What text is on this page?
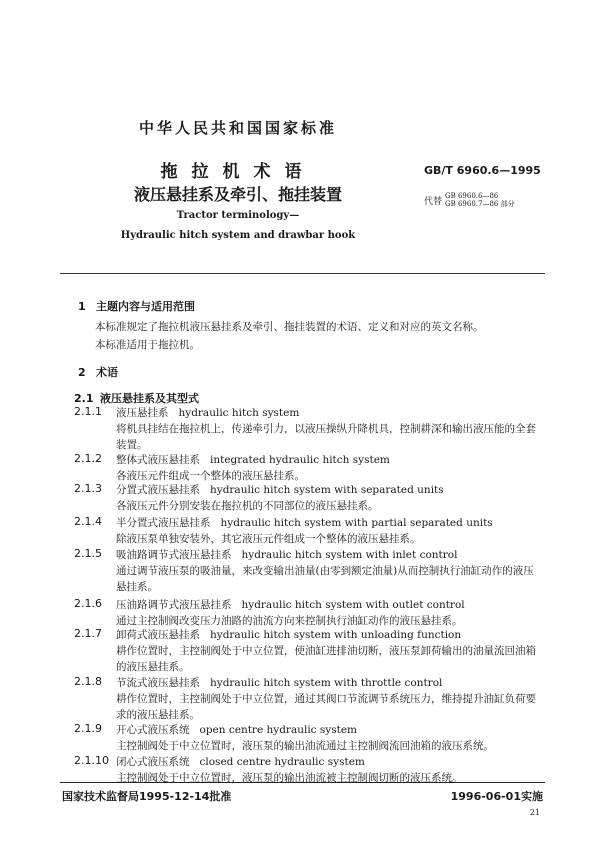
中华人民共和国国家标准
拖拉机术语
液压悬挂系及牵引、拖挂装置
Tractor terminology—
Hydraulic hitch system and drawbar hook
GB/T 6960.6—1995
代替
GB 6960.6—86
GB 6960.7—86 部分
1 主题内容与适用范围
本标准规定了拖拉机液压悬挂系及牵引、拖挂装置的术语、定义和对应的英文名称。
本标准适用于拖拉机。
2 术语
2.1 液压悬挂系及其型式
2.1.1 液压悬挂系 hydraulic hitch system
将机具挂结在拖拉机上，传递牵引力，以液压操纵升降机具，控制耕深和输出液压能的全套装置。
2.1.2 整体式液压悬挂系 integrated hydraulic hitch system
各液压元件组成一个整体的液压悬挂系。
2.1.3 分置式液压悬挂系 hydraulic hitch system with separated units
各液压元件分别安装在拖拉机的不同部位的液压悬挂系。
2.1.4 半分置式液压悬挂系 hydraulic hitch system with partial separated units
除液压泵单独安装外，其它液压元件组成一个整体的液压悬挂系。
2.1.5 吸油路调节式液压悬挂系 hydraulic hitch system with inlet control
通过调节液压泵的吸油量，来改变输出油量(由零到额定油量)从而控制执行油缸动作的液压悬挂系。
2.1.6 压油路调节式液压悬挂系 hydraulic hitch system with outlet control
通过主控制阀改变压力油路的油流方向来控制执行油缸动作的液压悬挂系。
2.1.7 卸荷式液压悬挂系 hydraulic hitch system with unloading function
耕作位置时，主控制阀处于中立位置，使油缸进排油切断，液压泵卸荷输出的油量流回油箱的液压悬挂系。
2.1.8 节流式液压悬挂系 hydraulic hitch system with throttle control
耕作位置时，主控制阀处于中立位置，通过其阀口节流调节系统压力，维持提升油缸负荷要求的液压悬挂系。
2.1.9 开心式液压系统 open centre hydraulic system
主控制阀处于中立位置时，液压泵的输出油流通过主控制阀流回油箱的液压系统。
2.1.10 闭心式液压系统 closed centre hydraulic system
主控制阀处于中立位置时，液压泵的输出油流被主控制阀切断的液压系统。
国家技术监督局1995-12-14批准	1996-06-01实施
21
